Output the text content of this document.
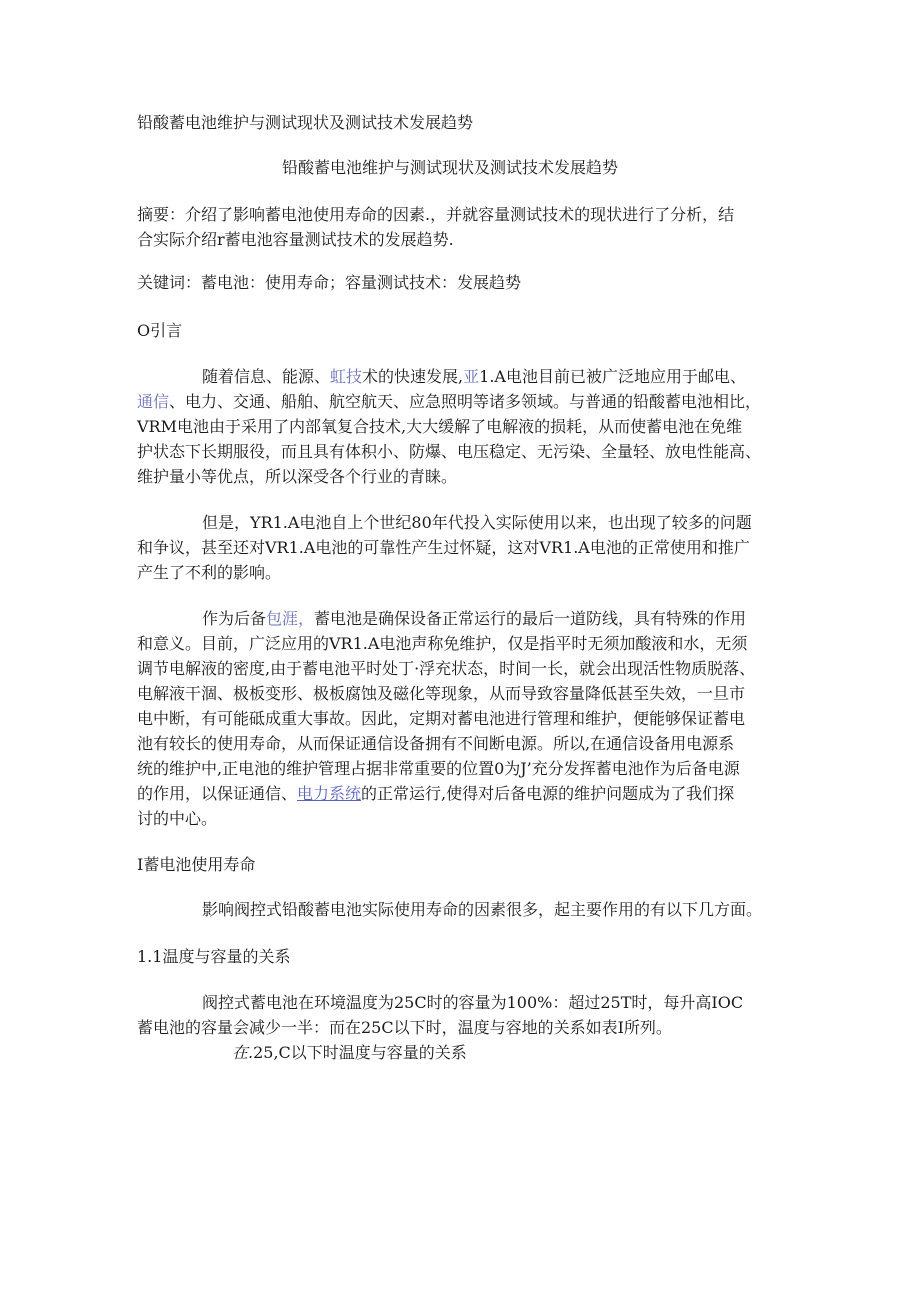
铅酸蓄电池维护与测试现状及测试技术发展趋势
铅酸蓄电池维护与测试现状及测试技术发展趋势
摘要：介绍了影响蓄电池使用寿命的因素.，并就容量测试技术的现状进行了分析，结
合实际介绍r蓄电池容量测试技术的发展趋势.
关键词：蓄电池：使用寿命；容量测试技术：发展趋势
O引言
随着信息、能源、虹技术的快速发展,亚1.A电池目前已被广泛地应用于邮电、
通信、电力、交通、船舶、航空航天、应急照明等诸多领域。与普通的铅酸蓄电池相比，
VRM电池由于采用了内部氧复合技术,大大缓解了电解液的损耗，从而使蓄电池在免维
护状态下长期服役，而且具有体积小、防爆、电压稳定、无污染、全量轻、放电性能高、
维护量小等优点，所以深受各个行业的青睐。
但是，YR1.A电池自上个世纪80年代投入实际使用以来，也出现了较多的问题
和争议，甚至还对VR1.A电池的可靠性产生过怀疑，这对VR1.A电池的正常使用和推广
产生了不利的影响。
作为后备包涯，蓄电池是确保设备正常运行的最后一道防线，具有特殊的作用
和意义。目前，广泛应用的VR1.A电池声称免维护，仅是指平时无须加酸液和水，无须
调节电解液的密度,由于蓄电池平时处丁·浮充状态，时间一长，就会出现活性物质脱落、
电解液干涸、极板变形、极板腐蚀及磁化等现象，从而导致容量降低甚至失效，一旦市
电中断，有可能砥成重大事故。因此，定期对蓄电池进行管理和维护，便能够保证蓄电
池有较长的使用寿命，从而保证通信设备拥有不间断电源。所以,在通信设备用电源系
统的维护中,正电池的维护管理占据非常重要的位置0为J’充分发挥蓄电池作为后备电源
的作用，以保证通信、电力系统的正常运行,使得对后备电源的维护问题成为了我们探
讨的中心。
I蓄电池使用寿命
影响阀控式铅酸蓄电池实际使用寿命的因素很多，起主要作用的有以下几方面。
1.1温度与容量的关系
阀控式蓄电池在环境温度为25C时的容量为100%：超过25T时，每升高IOC
蓄电池的容量会减少一半：而在25C以下时，温度与容地的关系如表I所列。
在.25,C以下时温度与容量的关系
